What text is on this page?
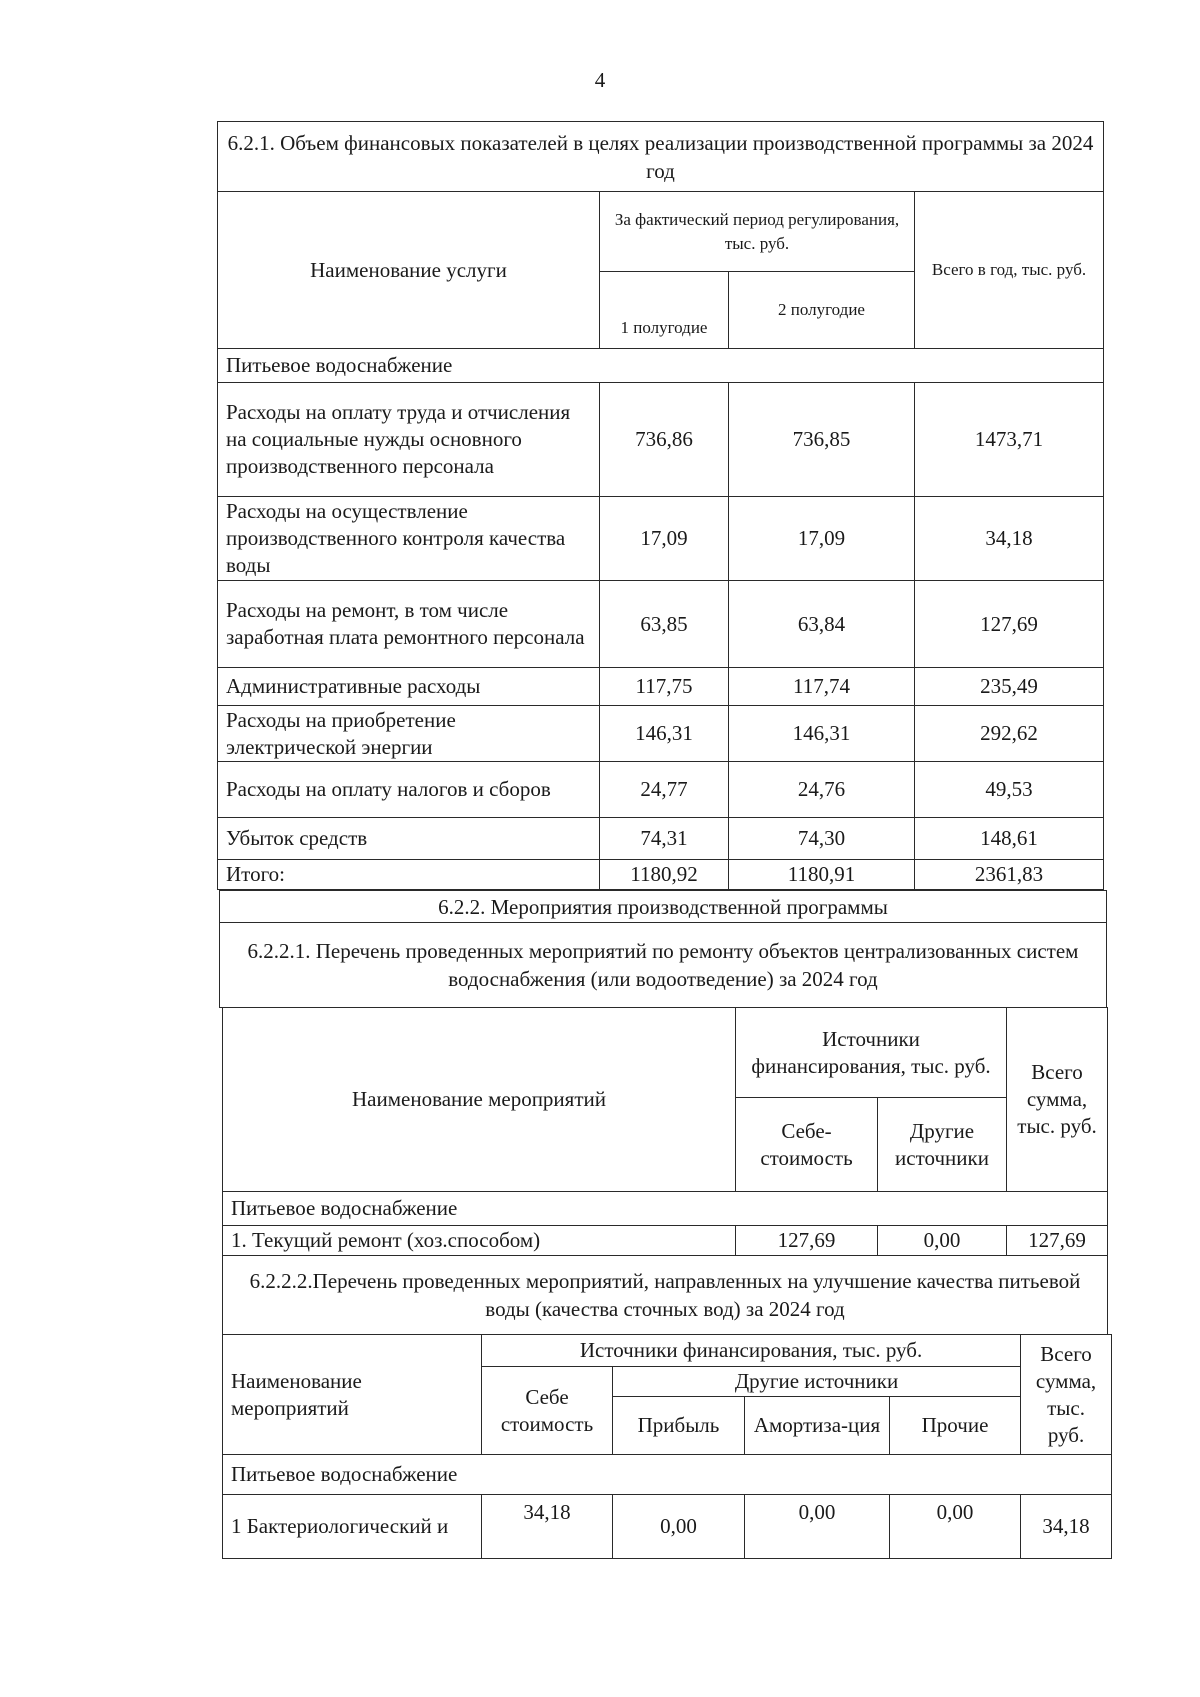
4
6.2.1. Объем финансовых показателей в целях реализации производственной программы за 2024 год			
Наименование услуги	За фактический период регулирования, тыс. руб.		Всего в год, тыс. руб.
	1 полугодие	2 полугодие	
Питьевое водоснабжение			
Расходы на оплату труда и отчисления на социальные нужды основного производственного персонала	736,86	736,85	1473,71
Расходы на осуществление производственного контроля качества воды	17,09	17,09	34,18
Расходы на ремонт, в том числе заработная плата ремонтного персонала	63,85	63,84	127,69
Административные расходы	117,75	117,74	235,49
Расходы на приобретение электрической энергии	146,31	146,31	292,62
Расходы на оплату налогов и сборов	24,77	24,76	49,53
Убыток средств	74,31	74,30	148,61
Итого:	1180,92	1180,91	2361,83
6.2.2. Мероприятия производственной программы
6.2.2.1. Перечень проведенных мероприятий по ремонту объектов централизованных систем водоснабжения (или водоотведение) за 2024 год
Наименование мероприятий	Источники финансирования, тыс. руб.		Всего сумма, тыс. руб.
	Себе-стоимость	Другие источники	
Питьевое водоснабжение			
1. Текущий ремонт (хоз.способом)	127,69	0,00	127,69
6.2.2.2.Перечень проведенных мероприятий, направленных на улучшение качества питьевой воды (качества сточных вод) за 2024 год			
Наименование мероприятий	Источники финансирования, тыс. руб.				Всего сумма, тыс. руб.
	Себе стоимость	Другие источники			
		Прибыль	Амортиза-ция	Прочие	
Питьевое водоснабжение					
1 Бактериологический и	34,18	0,00	0,00	0,00	34,18
